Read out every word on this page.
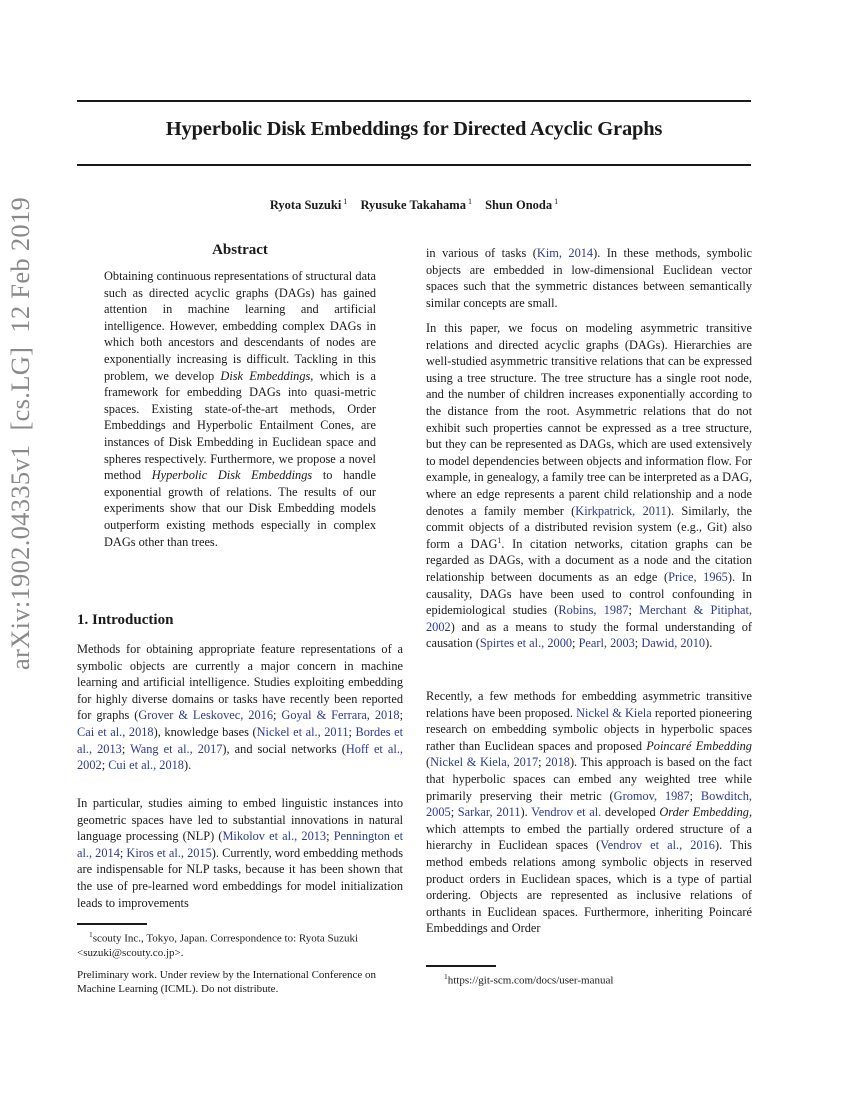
arXiv:1902.04335v1[cs.LG]12 Feb 2019
Hyperbolic Disk Embeddings for Directed Acyclic Graphs
Ryota Suzuki $^1$ Ryusuke Takahama $^1$ Shun Onoda $^1$
Abstract
Obtaining continuous representations of structural data such as directed acyclic graphs (DAGs) has gained attention in machine learning and artificial intelligence. However, embedding complex DAGs in which both ancestors and descendants of nodes are exponentially increasing is difficult. Tackling in this problem, we develop Disk Embeddings, which is a framework for embedding DAGs into quasi-metric spaces. Existing state-of-the-art methods, Order Embeddings and Hyperbolic Entailment Cones, are instances of Disk Embedding in Euclidean space and spheres respectively. Furthermore, we propose a novel method Hyperbolic Disk Embeddings to handle exponential growth of relations. The results of our experiments show that our Disk Embedding models outperform existing methods especially in complex DAGs other than trees.
1. Introduction

Methods for obtaining appropriate feature representations of a symbolic objects are currently a major concern in machine learning and artificial intelligence. Studies exploiting embedding for highly diverse domains or tasks have recently been reported for graphs (Grover & Leskovec, 2016; Goyal & Ferrara, 2018; Cai et al., 2018), knowledge bases (Nickel et al., 2011; Bordes et al., 2013; Wang et al., 2017), and social networks (Hoff et al., 2002; Cui et al., 2018).

In particular, studies aiming to embed linguistic instances into geometric spaces have led to substantial innovations in natural language processing (NLP) (Mikolov et al., 2013; Pennington et al., 2014; Kiros et al., 2015). Currently, word embedding methods are indispensable for NLP tasks, because it has been shown that the use of pre-learned word embeddings for model initialization leads to improvements

$^1$scouty Inc., Tokyo, Japan. Correspondence to: Ryota Suzuki <suzuki@scouty.co.jp>.
Preliminary work. Under review by the International Conference on Machine Learning (ICML). Do not distribute.

in various of tasks (Kim, 2014). In these methods, symbolic objects are embedded in low-dimensional Euclidean vector spaces such that the symmetric distances between semantically similar concepts are small.

In this paper, we focus on modeling asymmetric transitive relations and directed acyclic graphs (DAGs). Hierarchies are well-studied asymmetric transitive relations that can be expressed using a tree structure. The tree structure has a single root node, and the number of children increases exponentially according to the distance from the root. Asymmetric relations that do not exhibit such properties cannot be expressed as a tree structure, but they can be represented as DAGs, which are used extensively to model dependencies between objects and information flow. For example, in genealogy, a family tree can be interpreted as a DAG, where an edge represents a parent child relationship and a node denotes a family member (Kirkpatrick, 2011). Similarly, the commit objects of a distributed revision system (e.g., Git) also form a DAG$^1$. In citation networks, citation graphs can be regarded as DAGs, with a document as a node and the citation relationship between documents as an edge (Price, 1965). In causality, DAGs have been used to control confounding in epidemiological studies (Robins, 1987; Merchant & Pitiphat, 2002) and as a means to study the formal understanding of causation (Spirtes et al., 2000; Pearl, 2003; Dawid, 2010).

Recently, a few methods for embedding asymmetric transitive relations have been proposed. Nickel & Kiela reported pioneering research on embedding symbolic objects in hyperbolic spaces rather than Euclidean spaces and proposed Poincaré Embedding (Nickel & Kiela, 2017; 2018). This approach is based on the fact that hyperbolic spaces can embed any weighted tree while primarily preserving their metric (Gromov, 1987; Bowditch, 2005; Sarkar, 2011). Vendrov et al. developed Order Embedding, which attempts to embed the partially ordered structure of a hierarchy in Euclidean spaces (Vendrov et al., 2016). This method embeds relations among symbolic objects in reserved product orders in Euclidean spaces, which is a type of partial ordering. Objects are represented as inclusive relations of orthants in Euclidean spaces. Furthermore, inheriting Poincaré Embeddings and Order

$^1$https://git-scm.com/docs/user-manual
